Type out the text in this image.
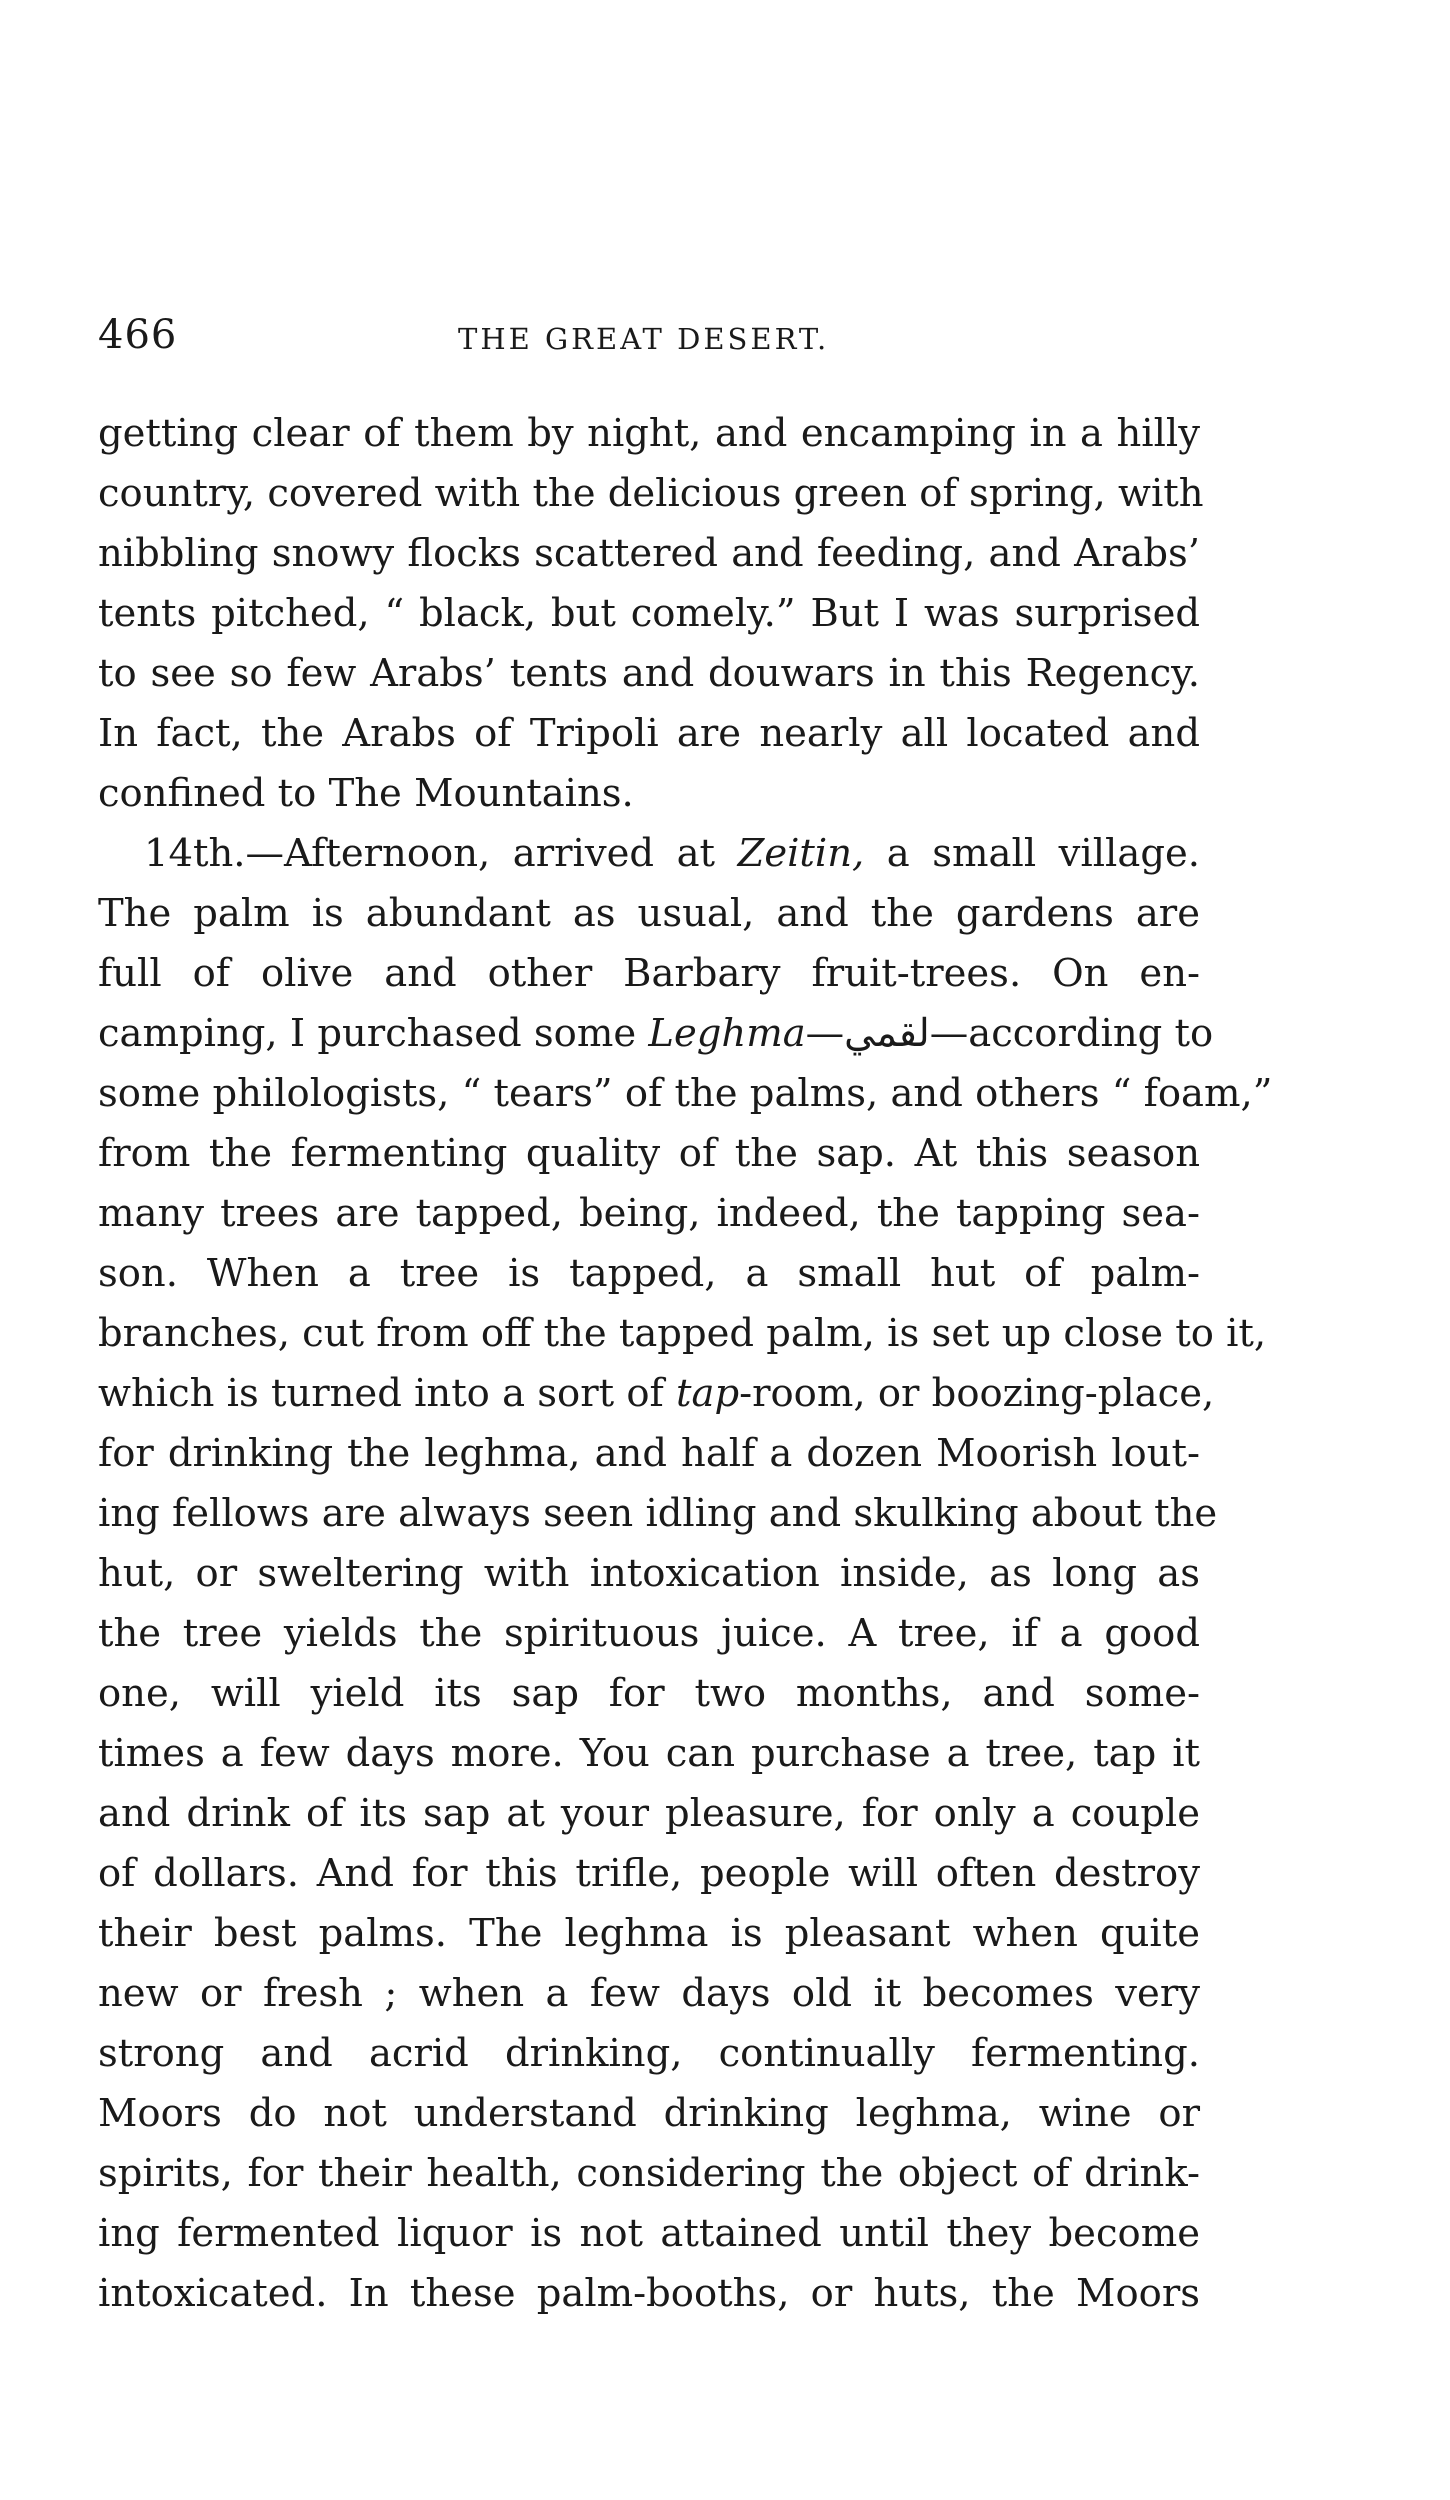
466	THE GREAT DESERT.
getting clear of them by night, and encamping in a hilly
country, covered with the delicious green of spring, with
nibbling snowy flocks scattered and feeding, and Arabs’
tents pitched, “ black, but comely.” But I was surprised
to see so few Arabs’ tents and douwars in this Regency.
In fact, the Arabs of Tripoli are nearly all located and
confined to The Mountains.
14th.—Afternoon, arrived at Zeitin, a small village.
The palm is abundant as usual, and the gardens are
full of olive and other Barbary fruit-trees. On en-
camping, I purchased some Leghma—لقمي—according to
some philologists, “ tears” of the palms, and others “ foam,”
from the fermenting quality of the sap. At this season
many trees are tapped, being, indeed, the tapping sea-
son. When a tree is tapped, a small hut of palm-
branches, cut from off the tapped palm, is set up close to it,
which is turned into a sort of tap-room, or boozing-place,
for drinking the leghma, and half a dozen Moorish lout-
ing fellows are always seen idling and skulking about the
hut, or sweltering with intoxication inside, as long as
the tree yields the spirituous juice. A tree, if a good
one, will yield its sap for two months, and some-
times a few days more. You can purchase a tree, tap it
and drink of its sap at your pleasure, for only a couple
of dollars. And for this trifle, people will often destroy
their best palms. The leghma is pleasant when quite
new or fresh ; when a few days old it becomes very
strong and acrid drinking, continually fermenting.
Moors do not understand drinking leghma, wine or
spirits, for their health, considering the object of drink-
ing fermented liquor is not attained until they become
intoxicated. In these palm-booths, or huts, the Moors
